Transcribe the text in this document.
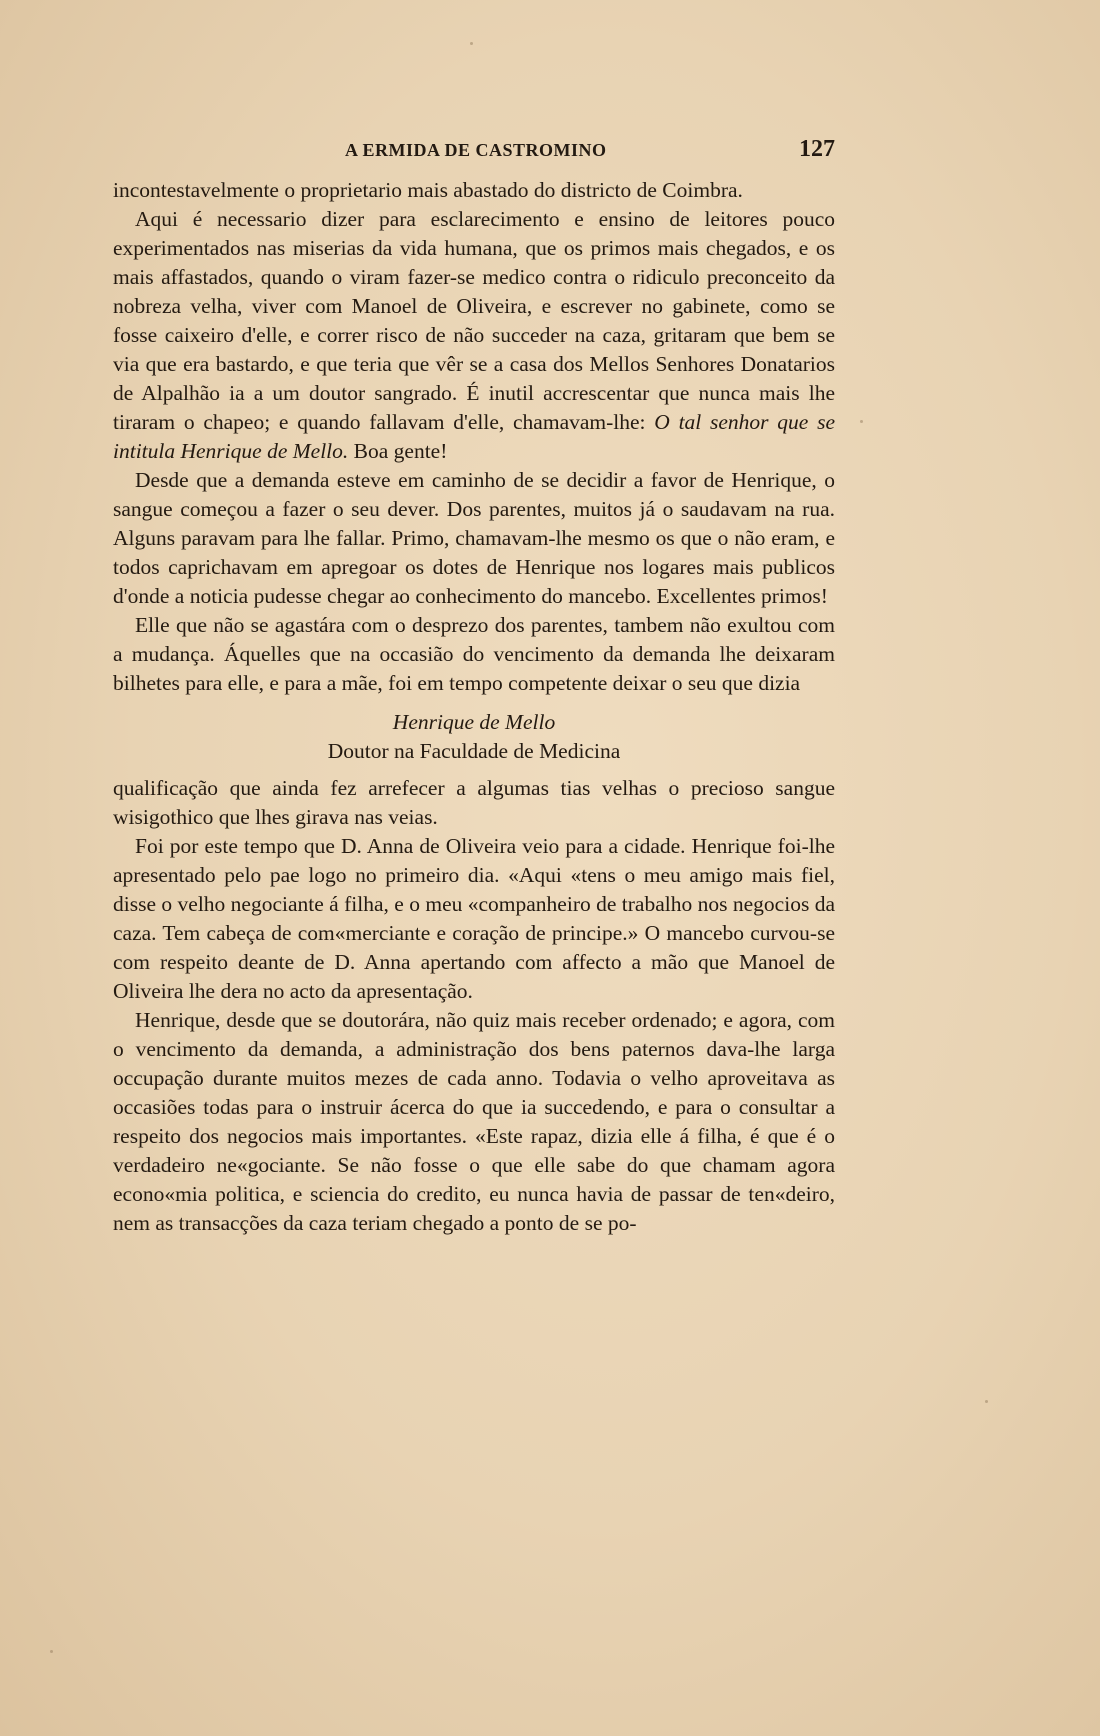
A ERMIDA DE CASTROMINO	127

incontestavelmente o proprietario mais abastado do districto de Coimbra.

Aqui é necessario dizer para esclarecimento e ensino de leitores pouco experimentados nas miserias da vida humana, que os primos mais chegados, e os mais affastados, quando o viram fazer-se medico contra o ridiculo preconceito da nobreza velha, viver com Manoel de Oliveira, e escrever no gabinete, como se fosse caixeiro d'elle, e correr risco de não succeder na caza, gritaram que bem se via que era bastardo, e que teria que vêr se a casa dos Mellos Senhores Donatarios de Alpalhão ia a um doutor sangrado. É inutil accrescentar que nunca mais lhe tiraram o chapeo; e quando fallavam d'elle, chamavam-lhe: O tal senhor que se intitula Henrique de Mello. Boa gente!

Desde que a demanda esteve em caminho de se decidir a favor de Henrique, o sangue começou a fazer o seu dever. Dos parentes, muitos já o saudavam na rua. Alguns paravam para lhe fallar. Primo, chamavam-lhe mesmo os que o não eram, e todos caprichavam em apregoar os dotes de Henrique nos logares mais publicos d'onde a noticia pudesse chegar ao conhecimento do mancebo. Excellentes primos!

Elle que não se agastára com o desprezo dos parentes, tambem não exultou com a mudança. Áquelles que na occasião do vencimento da demanda lhe deixaram bilhetes para elle, e para a mãe, foi em tempo competente deixar o seu que dizia

Henrique de Mello

Doutor na Faculdade de Medicina

qualificação que ainda fez arrefecer a algumas tias velhas o precioso sangue wisigothico que lhes girava nas veias.

Foi por este tempo que D. Anna de Oliveira veio para a cidade. Henrique foi-lhe apresentado pelo pae logo no primeiro dia. «Aqui «tens o meu amigo mais fiel, disse o velho negociante á filha, e o meu «companheiro de trabalho nos negocios da caza. Tem cabeça de com«merciante e coração de principe.» O mancebo curvou-se com respeito deante de D. Anna apertando com affecto a mão que Manoel de Oliveira lhe dera no acto da apresentação.

Henrique, desde que se doutorára, não quiz mais receber ordenado; e agora, com o vencimento da demanda, a administração dos bens paternos dava-lhe larga occupação durante muitos mezes de cada anno. Todavia o velho aproveitava as occasiões todas para o instruir ácerca do que ia succedendo, e para o consultar a respeito dos negocios mais importantes. «Este rapaz, dizia elle á filha, é que é o verdadeiro ne«gociante. Se não fosse o que elle sabe do que chamam agora econo«mia politica, e sciencia do credito, eu nunca havia de passar de ten«deiro, nem as transacções da caza teriam chegado a ponto de se po-
